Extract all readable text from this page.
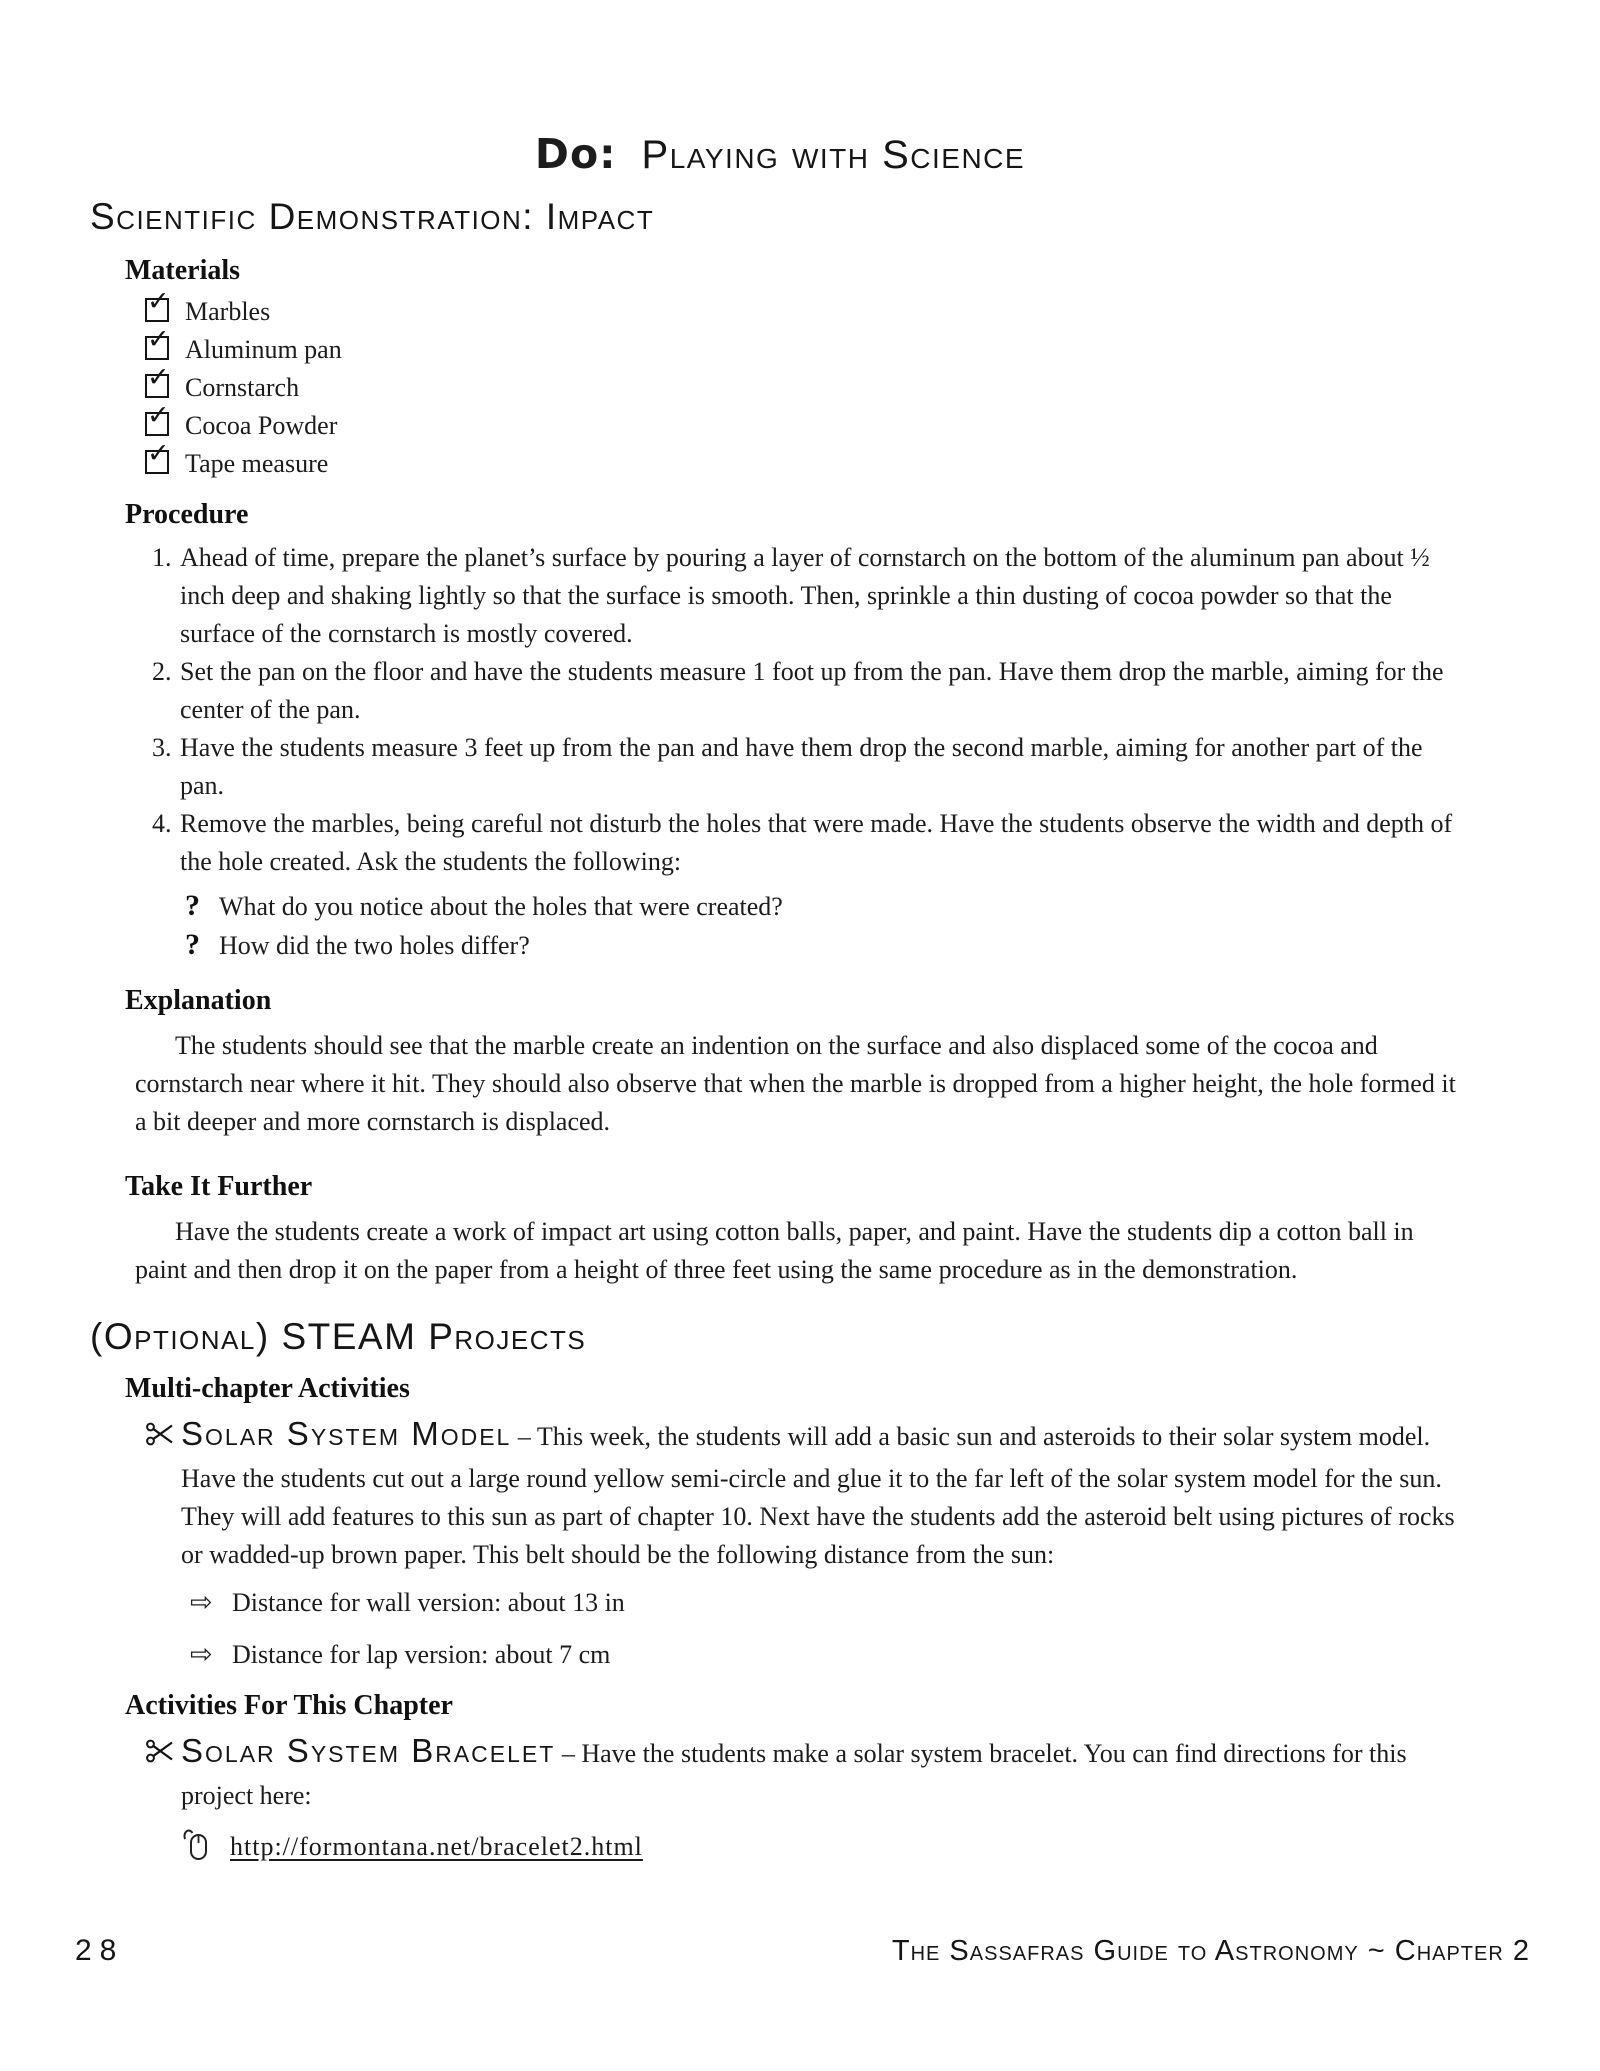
Do: Playing with Science
Scientific Demonstration: Impact
Materials
✓ Marbles
✓ Aluminum pan
✓ Cornstarch
✓ Cocoa Powder
✓ Tape measure
Procedure
1. Ahead of time, prepare the planet’s surface by pouring a layer of cornstarch on the bottom of the aluminum pan about ½ inch deep and shaking lightly so that the surface is smooth. Then, sprinkle a thin dusting of cocoa powder so that the surface of the cornstarch is mostly covered.
2. Set the pan on the floor and have the students measure 1 foot up from the pan. Have them drop the marble, aiming for the center of the pan.
3. Have the students measure 3 feet up from the pan and have them drop the second marble, aiming for another part of the pan.
4. Remove the marbles, being careful not disturb the holes that were made. Have the students observe the width and depth of the hole created. Ask the students the following:
? What do you notice about the holes that were created?
? How did the two holes differ?
Explanation

The students should see that the marble create an indention on the surface and also displaced some of the cocoa and cornstarch near where it hit. They should also observe that when the marble is dropped from a higher height, the hole formed it a bit deeper and more cornstarch is displaced.

Take It Further

Have the students create a work of impact art using cotton balls, paper, and paint. Have the students dip a cotton ball in paint and then drop it on the paper from a height of three feet using the same procedure as in the demonstration.

(Optional) STEAM Projects
Multi-chapter Activities
Solar System Model – This week, the students will add a basic sun and asteroids to their solar system model. Have the students cut out a large round yellow semi-circle and glue it to the far left of the solar system model for the sun. They will add features to this sun as part of chapter 10. Next have the students add the asteroid belt using pictures of rocks or wadded-up brown paper. This belt should be the following distance from the sun:
⇨ Distance for wall version: about 13 in
⇨ Distance for lap version: about 7 cm
Activities For This Chapter
Solar System Bracelet – Have the students make a solar system bracelet. You can find directions for this project here:
http://formontana.net/bracelet2.html
28	The Sassafras Guide to Astronomy ~ Chapter 2
